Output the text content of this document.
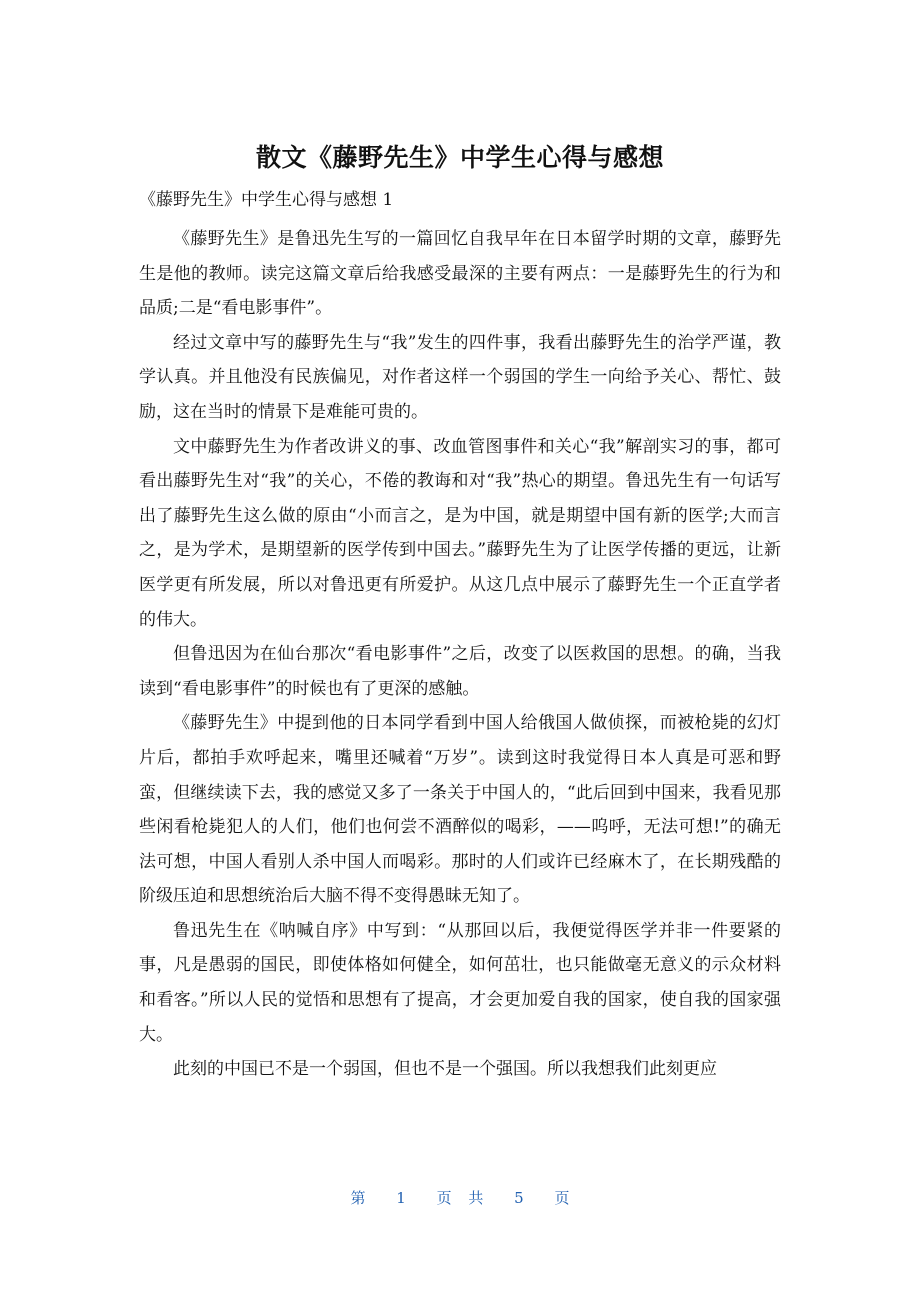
散文《藤野先生》中学生心得与感想

《藤野先生》中学生心得与感想 1

《藤野先生》是鲁迅先生写的一篇回忆自我早年在日本留学时期的文章，藤野先生是他的教师。读完这篇文章后给我感受最深的主要有两点：一是藤野先生的行为和品质;二是“看电影事件”。

经过文章中写的藤野先生与“我”发生的四件事，我看出藤野先生的治学严谨，教学认真。并且他没有民族偏见，对作者这样一个弱国的学生一向给予关心、帮忙、鼓励，这在当时的情景下是难能可贵的。

文中藤野先生为作者改讲义的事、改血管图事件和关心“我”解剖实习的事，都可看出藤野先生对“我”的关心，不倦的教诲和对“我”热心的期望。鲁迅先生有一句话写出了藤野先生这么做的原由“小而言之，是为中国，就是期望中国有新的医学;大而言之，是为学术，是期望新的医学传到中国去。”藤野先生为了让医学传播的更远，让新医学更有所发展，所以对鲁迅更有所爱护。从这几点中展示了藤野先生一个正直学者的伟大。

但鲁迅因为在仙台那次“看电影事件”之后，改变了以医救国的思想。的确，当我读到“看电影事件”的时候也有了更深的感触。

《藤野先生》中提到他的日本同学看到中国人给俄国人做侦探，而被枪毙的幻灯片后，都拍手欢呼起来，嘴里还喊着“万岁”。读到这时我觉得日本人真是可恶和野蛮，但继续读下去，我的感觉又多了一条关于中国人的，“此后回到中国来，我看见那些闲看枪毙犯人的人们，他们也何尝不酒醉似的喝彩，——呜呼，无法可想!”的确无法可想，中国人看别人杀中国人而喝彩。那时的人们或许已经麻木了，在长期残酷的阶级压迫和思想统治后大脑不得不变得愚昧无知了。

鲁迅先生在《呐喊自序》中写到：“从那回以后，我便觉得医学并非一件要紧的事，凡是愚弱的国民，即使体格如何健全，如何茁壮，也只能做毫无意义的示众材料和看客。”所以人民的觉悟和思想有了提高，才会更加爱自我的国家，使自我的国家强大。

此刻的中国已不是一个弱国，但也不是一个强国。所以我想我们此刻更应

第 1 页 共 5 页
